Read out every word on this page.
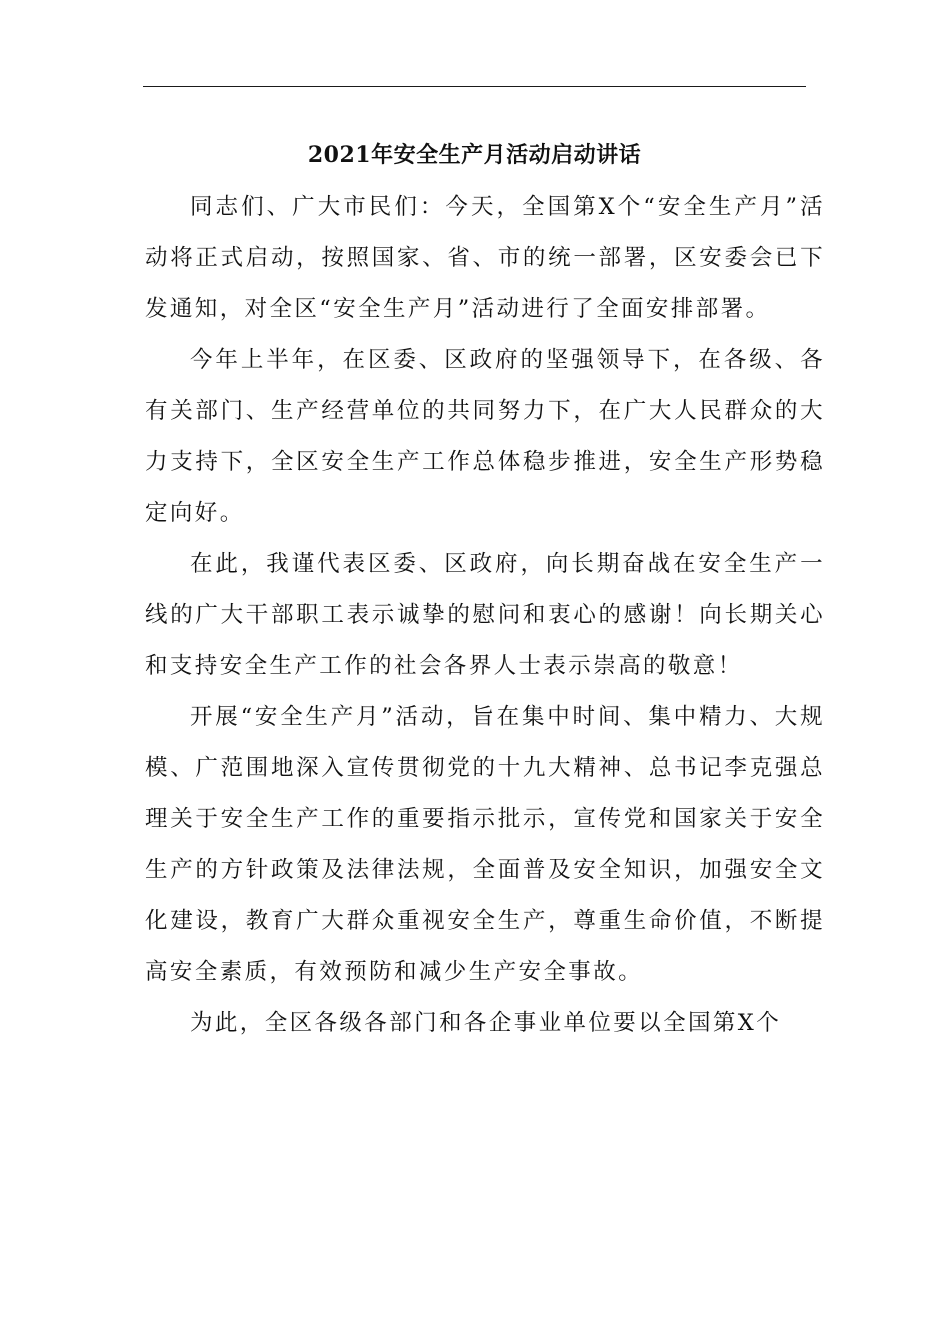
2021年安全生产月活动启动讲话

同志们、广大市民们：今天，全国第X个“安全生产月”活动将正式启动，按照国家、省、市的统一部署，区安委会已下发通知，对全区“安全生产月”活动进行了全面安排部署。

今年上半年，在区委、区政府的坚强领导下，在各级、各有关部门、生产经营单位的共同努力下，在广大人民群众的大力支持下，全区安全生产工作总体稳步推进，安全生产形势稳定向好。

在此，我谨代表区委、区政府，向长期奋战在安全生产一线的广大干部职工表示诚挚的慰问和衷心的感谢！向长期关心和支持安全生产工作的社会各界人士表示崇高的敬意！

开展“安全生产月”活动，旨在集中时间、集中精力、大规模、广范围地深入宣传贯彻党的十九大精神、总书记李克强总理关于安全生产工作的重要指示批示，宣传党和国家关于安全生产的方针政策及法律法规，全面普及安全知识，加强安全文化建设，教育广大群众重视安全生产，尊重生命价值，不断提高安全素质，有效预防和减少生产安全事故。

为此，全区各级各部门和各企事业单位要以全国第X个
